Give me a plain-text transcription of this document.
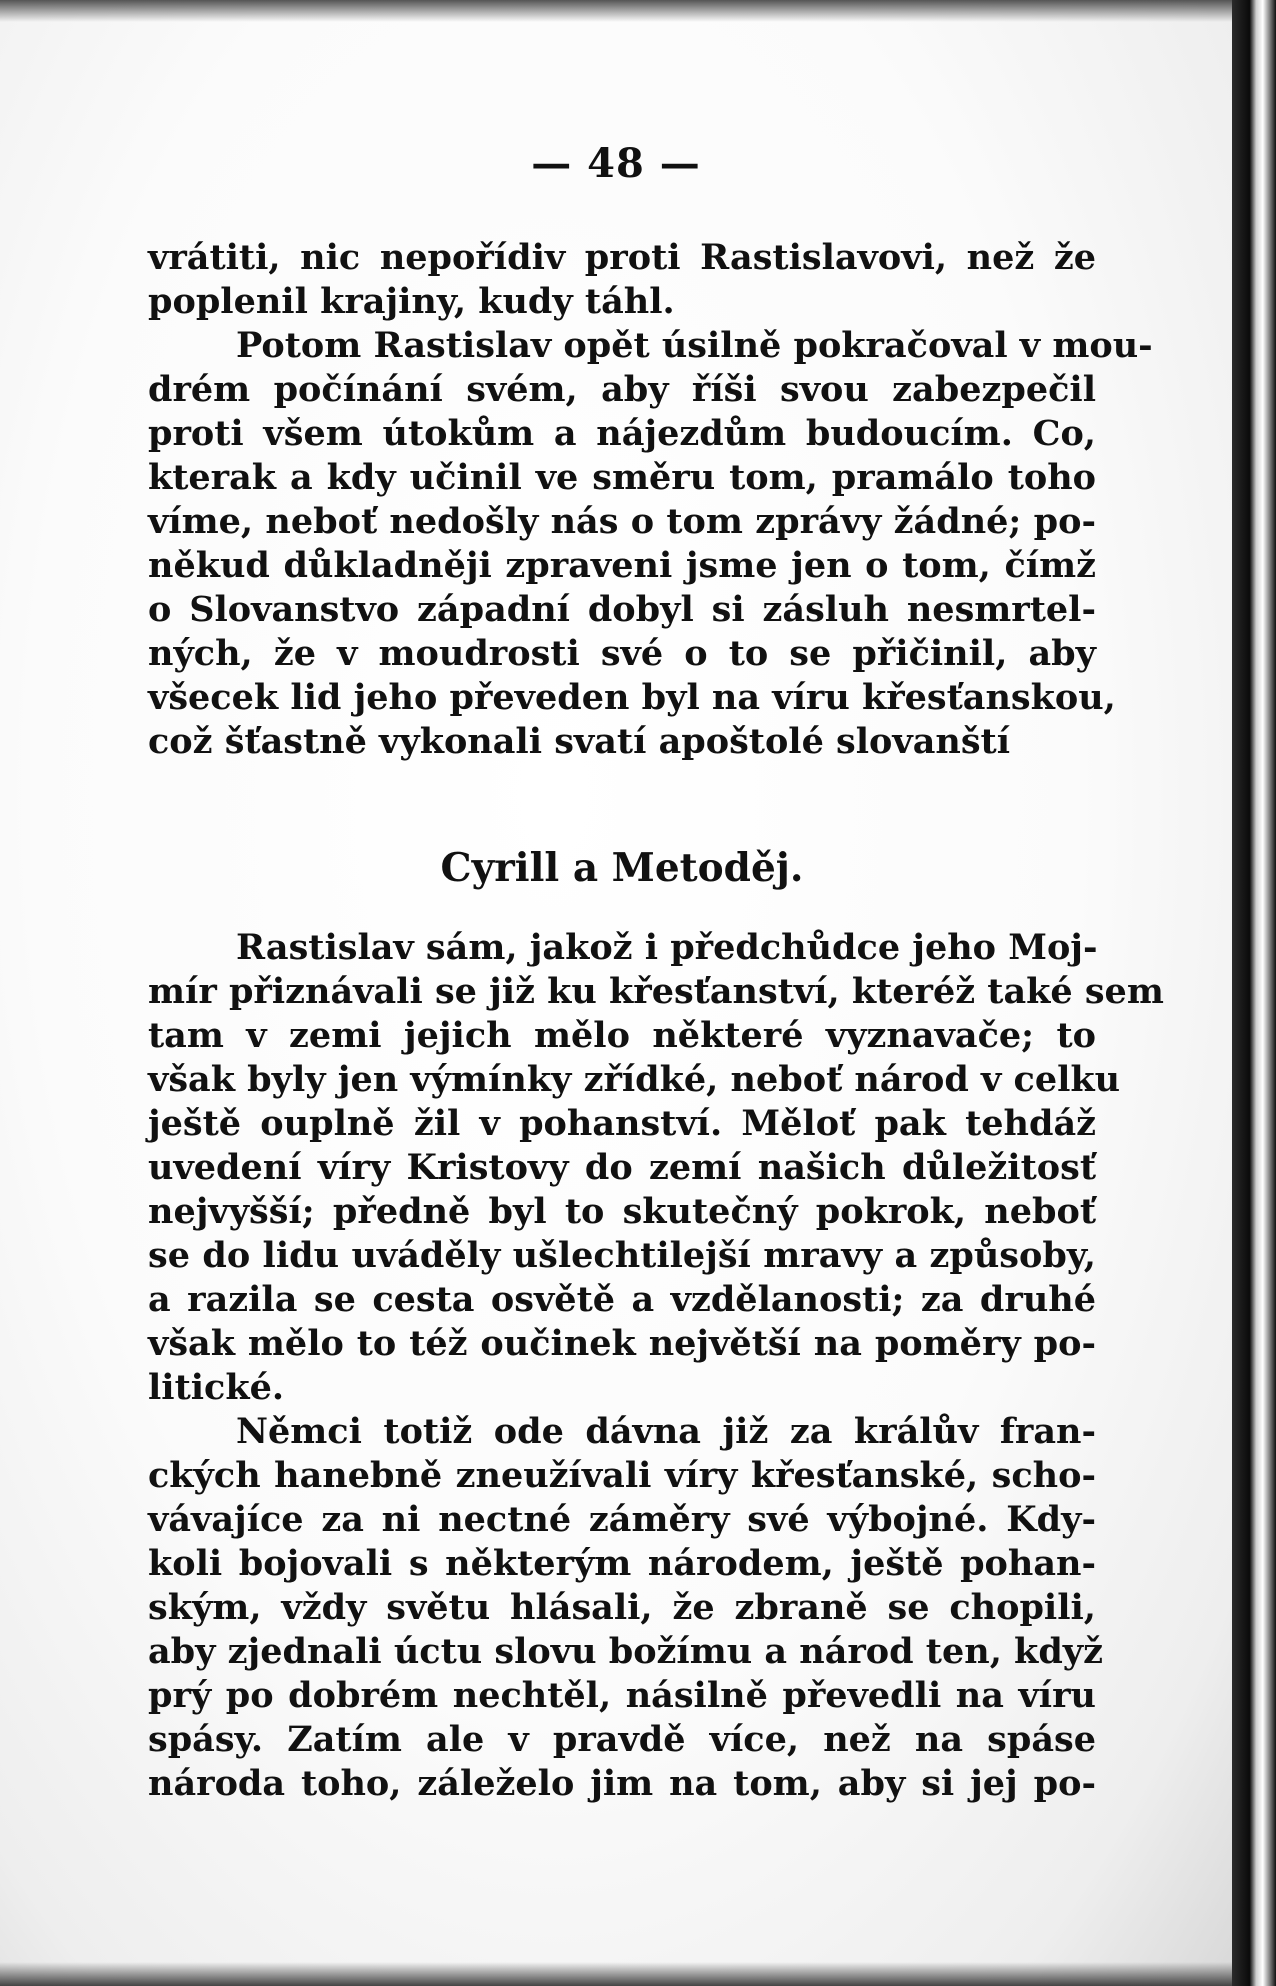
— 48 —
vrátiti, nic nepořídiv proti Rastislavovi, než že
poplenil krajiny, kudy táhl.
Potom Rastislav opět úsilně pokračoval v mou-
drém počínání svém, aby říši svou zabezpečil
proti všem útokům a nájezdům budoucím. Co,
kterak a kdy učinil ve směru tom, pramálo toho
víme, neboť nedošly nás o tom zprávy žádné; po-
někud důkladněji zpraveni jsme jen o tom, čímž
o Slovanstvo západní dobyl si zásluh nesmrtel-
ných, že v moudrosti své o to se přičinil, aby
všecek lid jeho převeden byl na víru křesťanskou,
což šťastně vykonali svatí apoštolé slovanští
Cyrill a Metoděj.
Rastislav sám, jakož i předchůdce jeho Moj-
mír přiznávali se již ku křesťanství, kteréž také sem
tam v zemi jejich mělo některé vyznavače; to
však byly jen výmínky zřídké, neboť národ v celku
ještě ouplně žil v pohanství. Měloť pak tehdáž
uvedení víry Kristovy do zemí našich důležitosť
nejvyšší; předně byl to skutečný pokrok, neboť
se do lidu uváděly ušlechtilejší mravy a způsoby,
a razila se cesta osvětě a vzdělanosti; za druhé
však mělo to též oučinek největší na poměry po-
litické.
Němci totiž ode dávna již za králův fran-
ckých hanebně zneužívali víry křesťanské, scho-
vávajíce za ni nectné záměry své výbojné. Kdy-
koli bojovali s některým národem, ještě pohan-
ským, vždy světu hlásali, že zbraně se chopili,
aby zjednali úctu slovu božímu a národ ten, když
prý po dobrém nechtěl, násilně převedli na víru
spásy. Zatím ale v pravdě více, než na spáse
národa toho, záleželo jim na tom, aby si jej po-
